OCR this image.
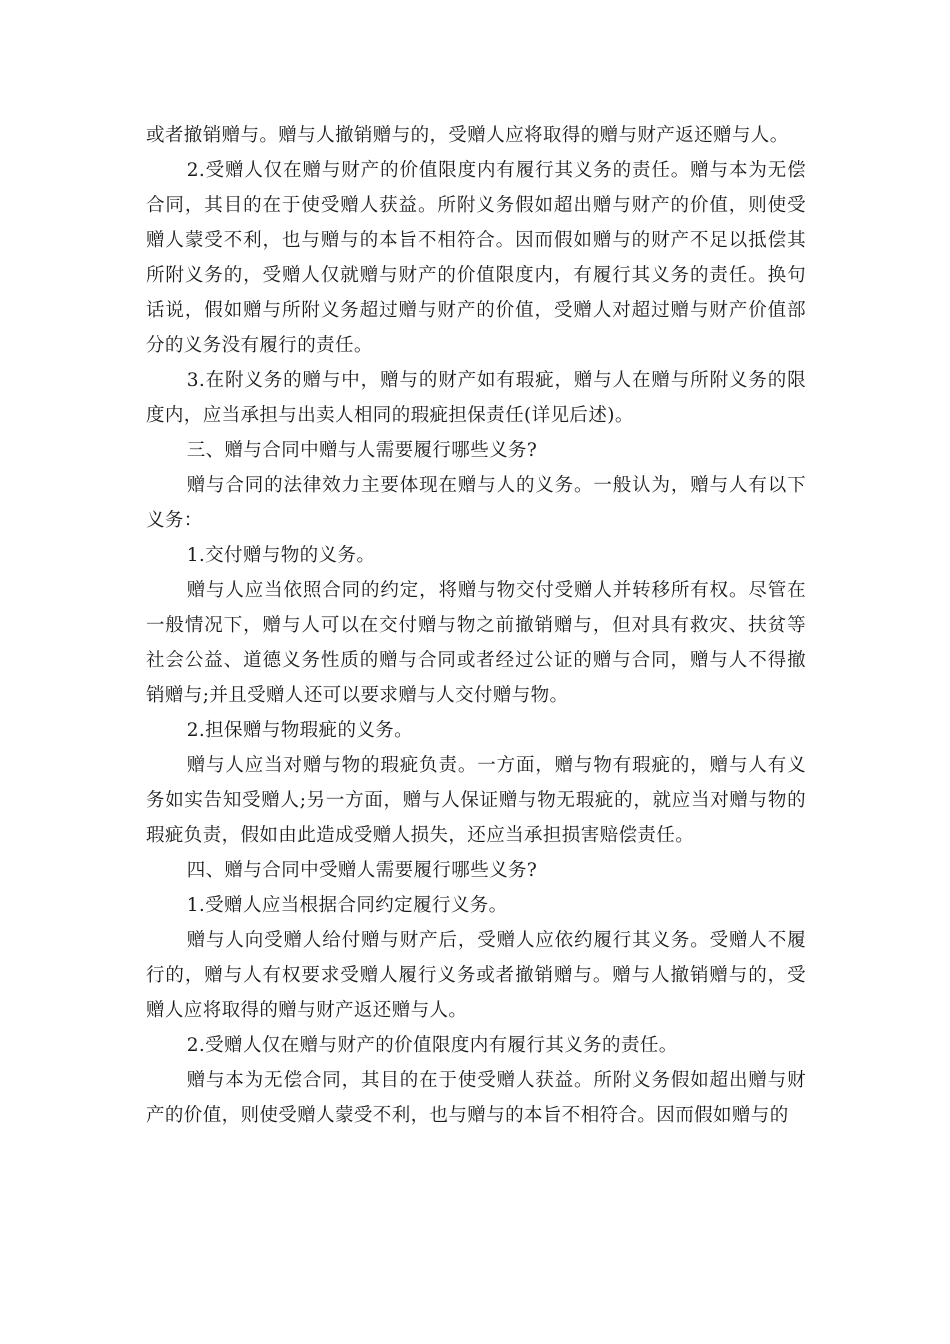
或者撤销赠与。赠与人撤销赠与的，受赠人应将取得的赠与财产返还赠与人。

2.受赠人仅在赠与财产的价值限度内有履行其义务的责任。赠与本为无偿合同，其目的在于使受赠人获益。所附义务假如超出赠与财产的价值，则使受赠人蒙受不利，也与赠与的本旨不相符合。因而假如赠与的财产不足以抵偿其所附义务的，受赠人仅就赠与财产的价值限度内，有履行其义务的责任。换句话说，假如赠与所附义务超过赠与财产的价值，受赠人对超过赠与财产价值部分的义务没有履行的责任。

3.在附义务的赠与中，赠与的财产如有瑕疵，赠与人在赠与所附义务的限度内，应当承担与出卖人相同的瑕疵担保责任(详见后述)。

三、赠与合同中赠与人需要履行哪些义务?

赠与合同的法律效力主要体现在赠与人的义务。一般认为，赠与人有以下义务：

1.交付赠与物的义务。

赠与人应当依照合同的约定，将赠与物交付受赠人并转移所有权。尽管在一般情况下，赠与人可以在交付赠与物之前撤销赠与，但对具有救灾、扶贫等社会公益、道德义务性质的赠与合同或者经过公证的赠与合同，赠与人不得撤销赠与;并且受赠人还可以要求赠与人交付赠与物。

2.担保赠与物瑕疵的义务。

赠与人应当对赠与物的瑕疵负责。一方面，赠与物有瑕疵的，赠与人有义务如实告知受赠人;另一方面，赠与人保证赠与物无瑕疵的，就应当对赠与物的瑕疵负责，假如由此造成受赠人损失，还应当承担损害赔偿责任。

四、赠与合同中受赠人需要履行哪些义务?

1.受赠人应当根据合同约定履行义务。

赠与人向受赠人给付赠与财产后，受赠人应依约履行其义务。受赠人不履行的，赠与人有权要求受赠人履行义务或者撤销赠与。赠与人撤销赠与的，受赠人应将取得的赠与财产返还赠与人。

2.受赠人仅在赠与财产的价值限度内有履行其义务的责任。

赠与本为无偿合同，其目的在于使受赠人获益。所附义务假如超出赠与财产的价值，则使受赠人蒙受不利，也与赠与的本旨不相符合。因而假如赠与的
